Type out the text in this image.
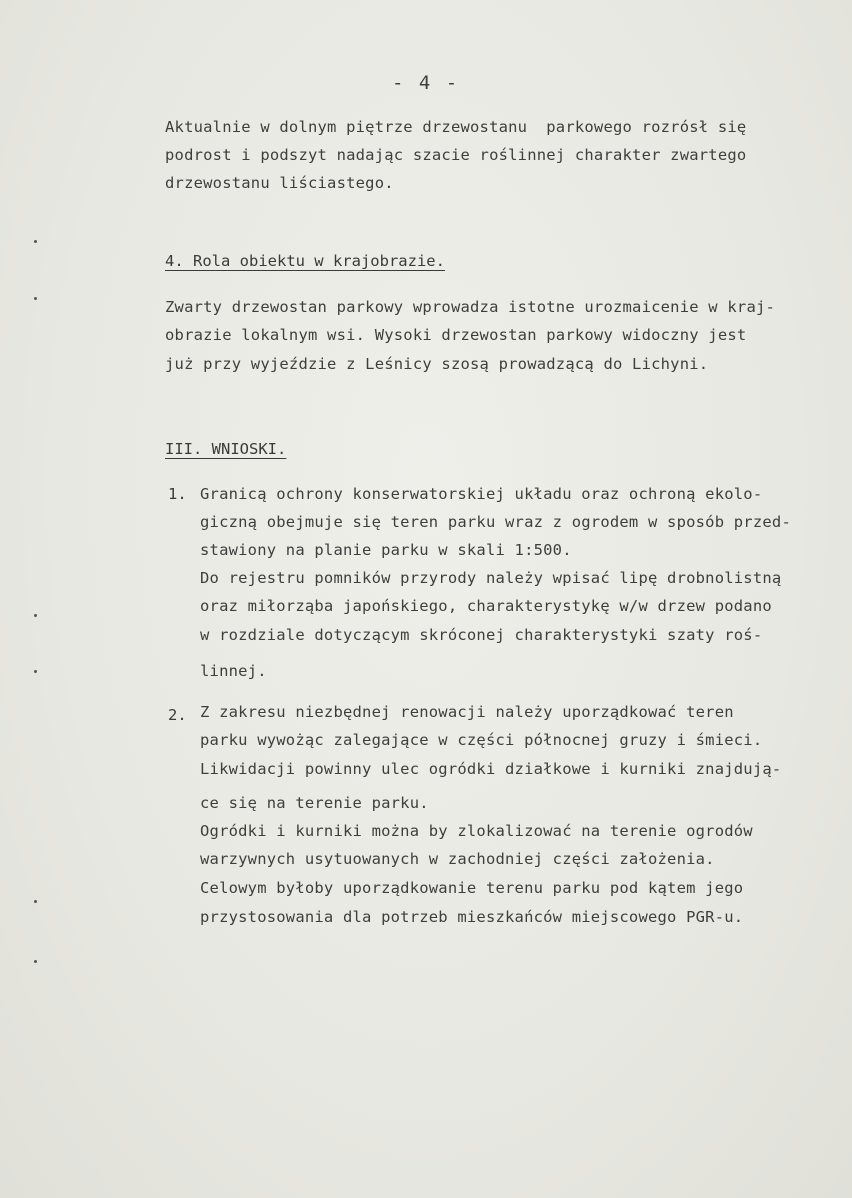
- 4 -
Aktualnie w dolnym piętrze drzewostanu  parkowego rozrósł się
podrost i podszyt nadając szacie roślinnej charakter zwartego
drzewostanu liściastego.
4. Rola obiektu w krajobrazie.
Zwarty drzewostan parkowy wprowadza istotne urozmaicenie w kraj-
obrazie lokalnym wsi. Wysoki drzewostan parkowy widoczny jest
już przy wyjeździe z Leśnicy szosą prowadzącą do Lichyni.
III. WNIOSKI.
1. Granicą ochrony konserwatorskiej układu oraz ochroną ekolo-
giczną obejmuje się teren parku wraz z ogrodem w sposób przed-
stawiony na planie parku w skali 1:500.
Do rejestru pomników przyrody należy wpisać lipę drobnolistną
oraz miłorząba japońskiego, charakterystykę w/w drzew podano
w rozdziale dotyczącym skróconej charakterystyki szaty roś-
linnej.
2. Z zakresu niezbędnej renowacji należy uporządkować teren
parku wywożąc zalegające w części północnej gruzy i śmieci.
Likwidacji powinny ulec ogródki działkowe i kurniki znajdują-
ce się na terenie parku.
Ogródki i kurniki można by zlokalizować na terenie ogrodów
warzywnych usytuowanych w zachodniej części założenia.
Celowym byłoby uporządkowanie terenu parku pod kątem jego
przystosowania dla potrzeb mieszkańców miejscowego PGR-u.
